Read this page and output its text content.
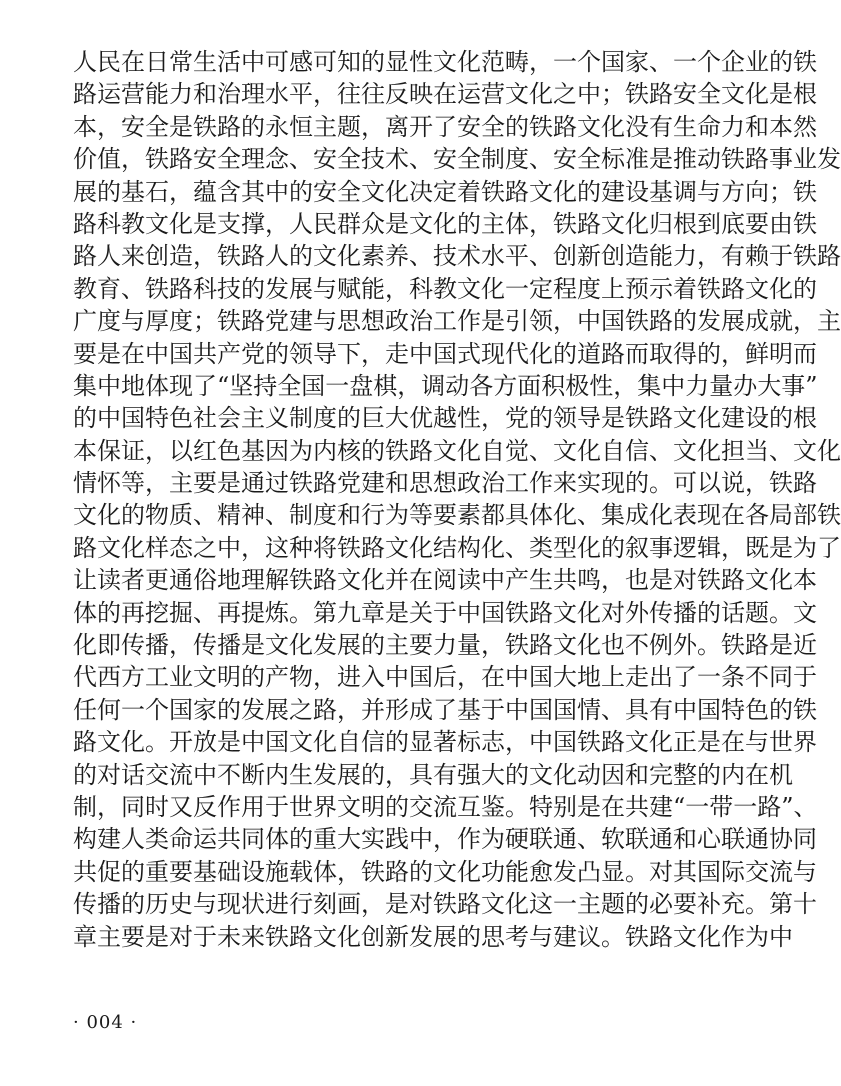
人民在日常生活中可感可知的显性文化范畴，一个国家、一个企业的铁
路运营能力和治理水平，往往反映在运营文化之中；铁路安全文化是根
本，安全是铁路的永恒主题，离开了安全的铁路文化没有生命力和本然
价值，铁路安全理念、安全技术、安全制度、安全标准是推动铁路事业发
展的基石，蕴含其中的安全文化决定着铁路文化的建设基调与方向；铁
路科教文化是支撑，人民群众是文化的主体，铁路文化归根到底要由铁
路人来创造，铁路人的文化素养、技术水平、创新创造能力，有赖于铁路
教育、铁路科技的发展与赋能，科教文化一定程度上预示着铁路文化的
广度与厚度；铁路党建与思想政治工作是引领，中国铁路的发展成就，主
要是在中国共产党的领导下，走中国式现代化的道路而取得的，鲜明而
集中地体现了“坚持全国一盘棋，调动各方面积极性，集中力量办大事”
的中国特色社会主义制度的巨大优越性，党的领导是铁路文化建设的根
本保证，以红色基因为内核的铁路文化自觉、文化自信、文化担当、文化
情怀等，主要是通过铁路党建和思想政治工作来实现的。可以说，铁路
文化的物质、精神、制度和行为等要素都具体化、集成化表现在各局部铁
路文化样态之中，这种将铁路文化结构化、类型化的叙事逻辑，既是为了
让读者更通俗地理解铁路文化并在阅读中产生共鸣，也是对铁路文化本
体的再挖掘、再提炼。第九章是关于中国铁路文化对外传播的话题。文
化即传播，传播是文化发展的主要力量，铁路文化也不例外。铁路是近
代西方工业文明的产物，进入中国后，在中国大地上走出了一条不同于
任何一个国家的发展之路，并形成了基于中国国情、具有中国特色的铁
路文化。开放是中国文化自信的显著标志，中国铁路文化正是在与世界
的对话交流中不断内生发展的，具有强大的文化动因和完整的内在机
制，同时又反作用于世界文明的交流互鉴。特别是在共建“一带一路”、
构建人类命运共同体的重大实践中，作为硬联通、软联通和心联通协同
共促的重要基础设施载体，铁路的文化功能愈发凸显。对其国际交流与
传播的历史与现状进行刻画，是对铁路文化这一主题的必要补充。第十
章主要是对于未来铁路文化创新发展的思考与建议。铁路文化作为中
· 004 ·
